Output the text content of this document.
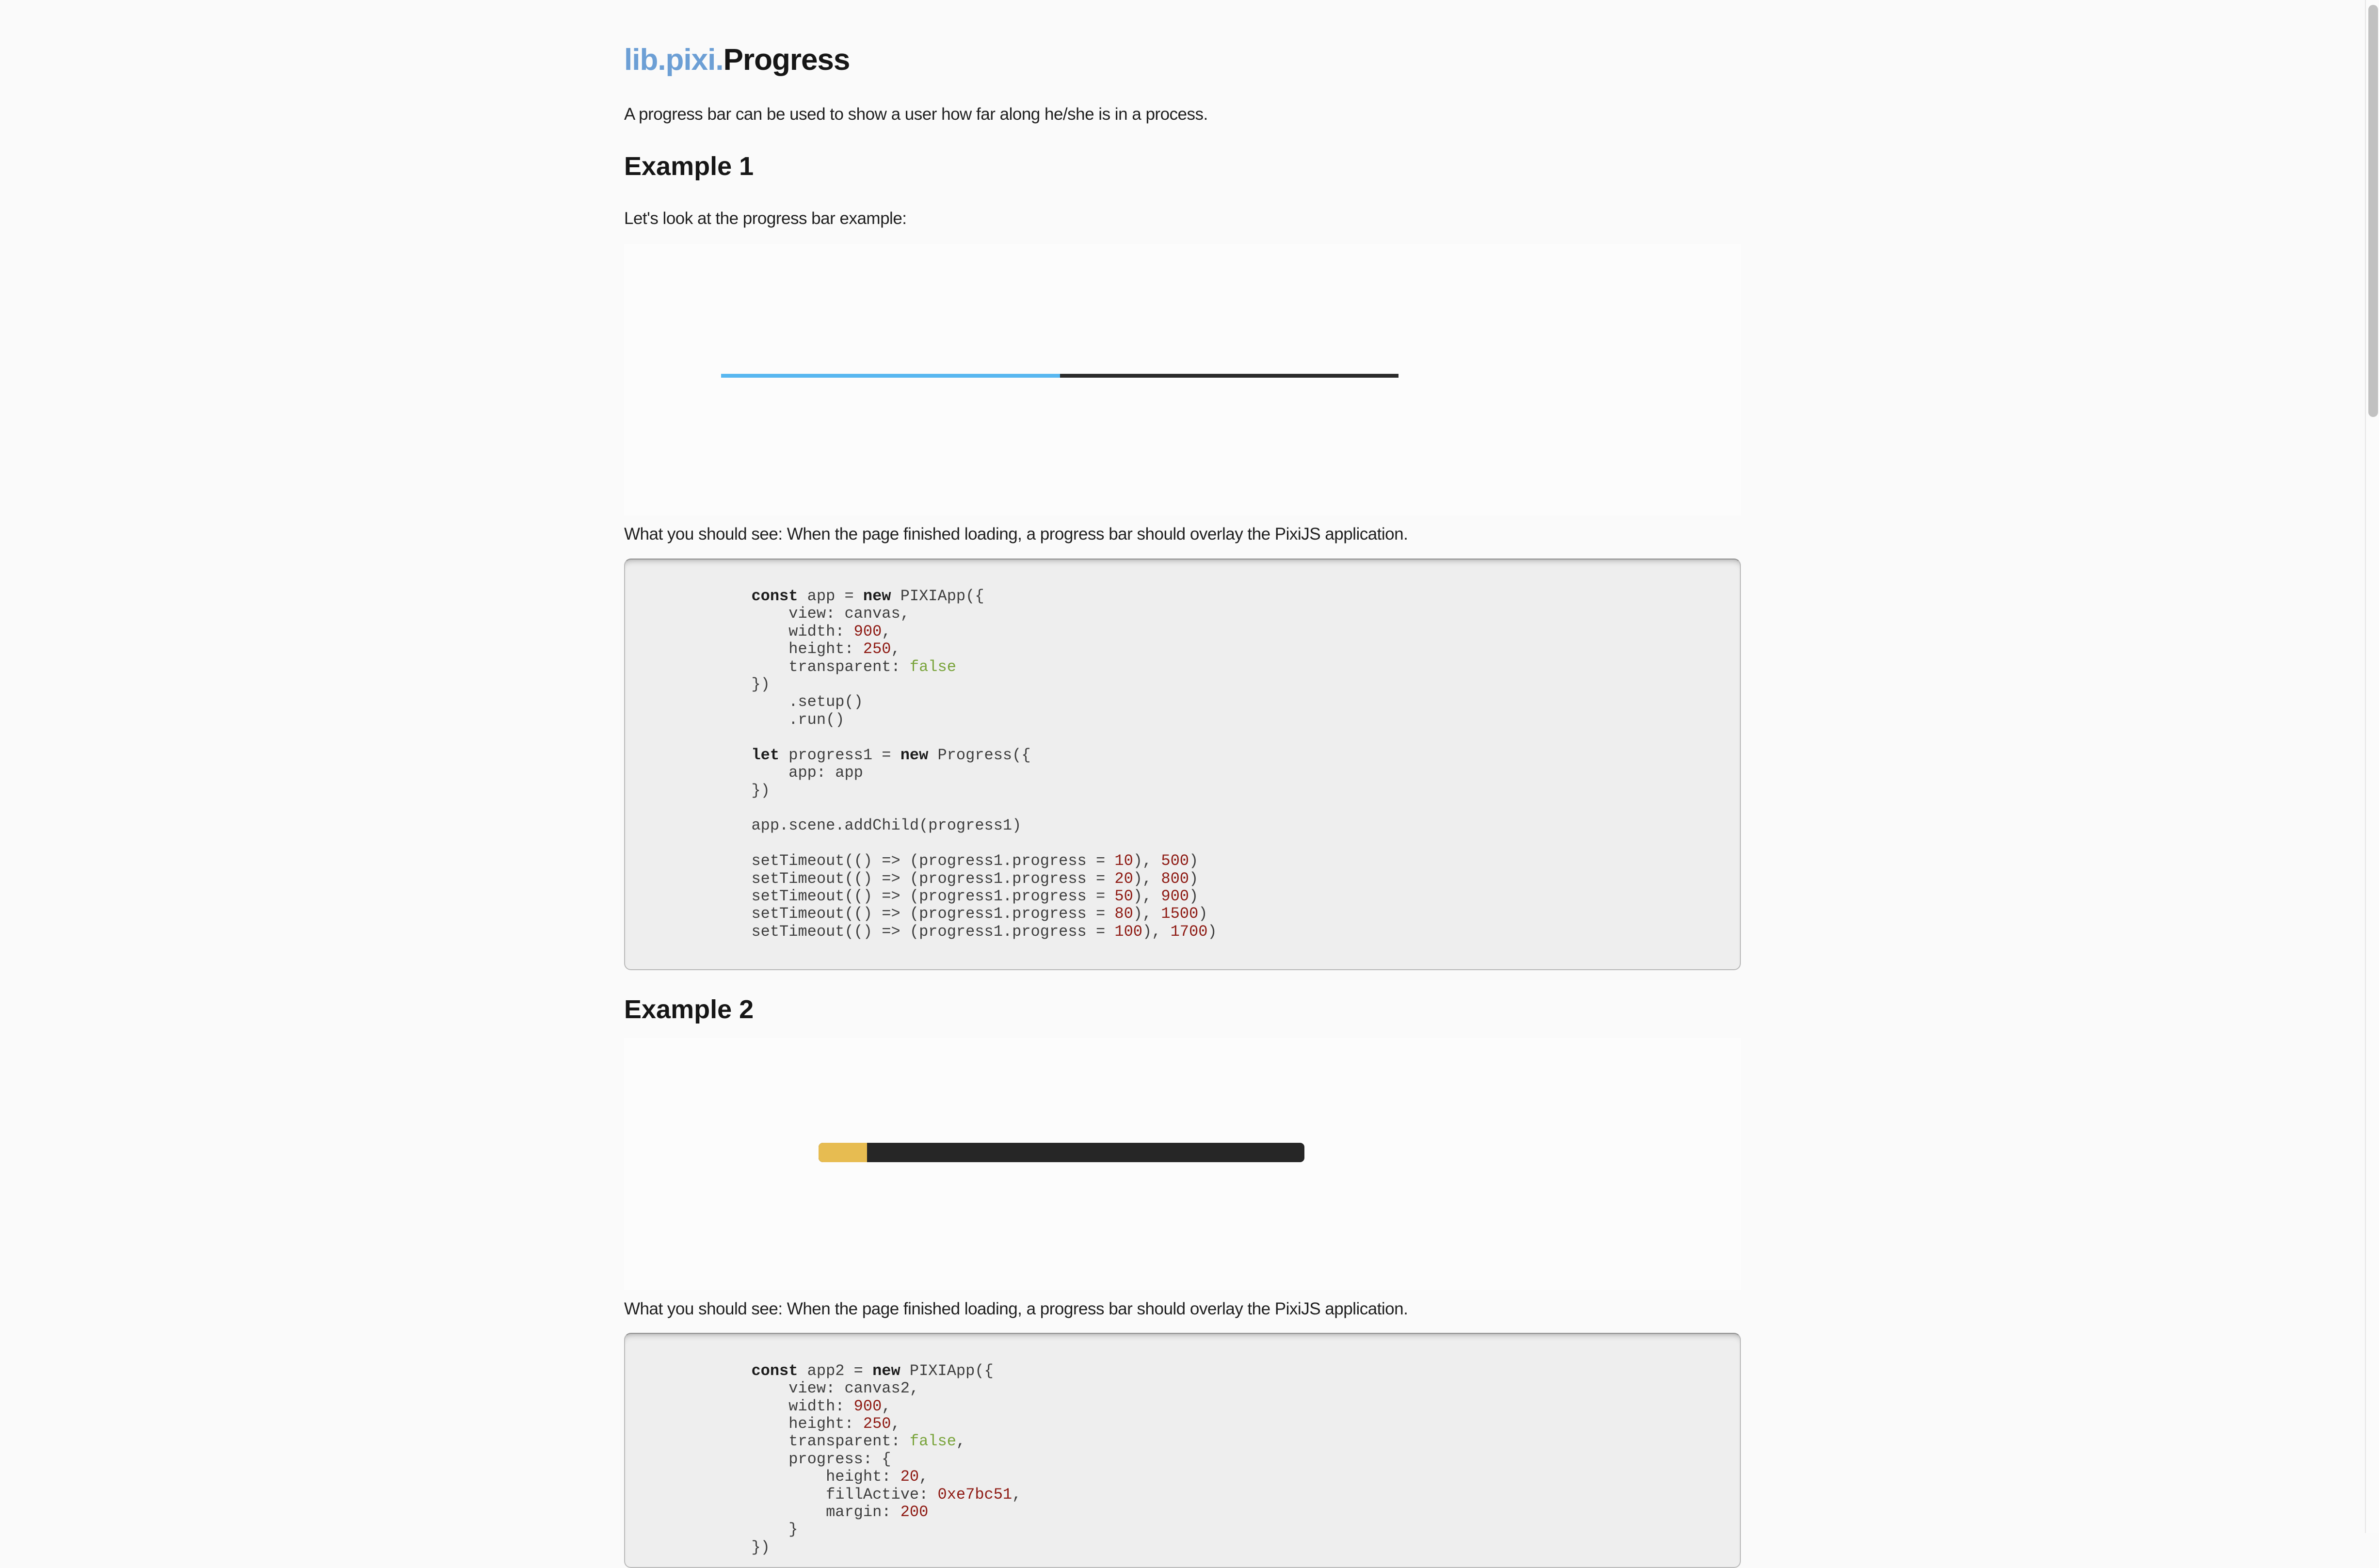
lib.pixi.Progress

A progress bar can be used to show a user how far along he/she is in a process.

Example 1

Let's look at the progress bar example:

What you should see: When the page finished loading, a progress bar should overlay the PixiJS application.

const app = new PIXIApp({
view: canvas,
width: 900,
height: 250,
transparent: false
})
.setup()
.run()

let progress1 = new Progress({
app: app
})

app.scene.addChild(progress1)

setTimeout(() => (progress1.progress = 10), 500)
setTimeout(() => (progress1.progress = 20), 800)
setTimeout(() => (progress1.progress = 50), 900)
setTimeout(() => (progress1.progress = 80), 1500)
setTimeout(() => (progress1.progress = 100), 1700)

Example 2

What you should see: When the page finished loading, a progress bar should overlay the PixiJS application.

const app2 = new PIXIApp({
view: canvas2,
width: 900,
height: 250,
transparent: false,
progress: {
height: 20,
fillActive: 0xe7bc51,
margin: 200
}
})
